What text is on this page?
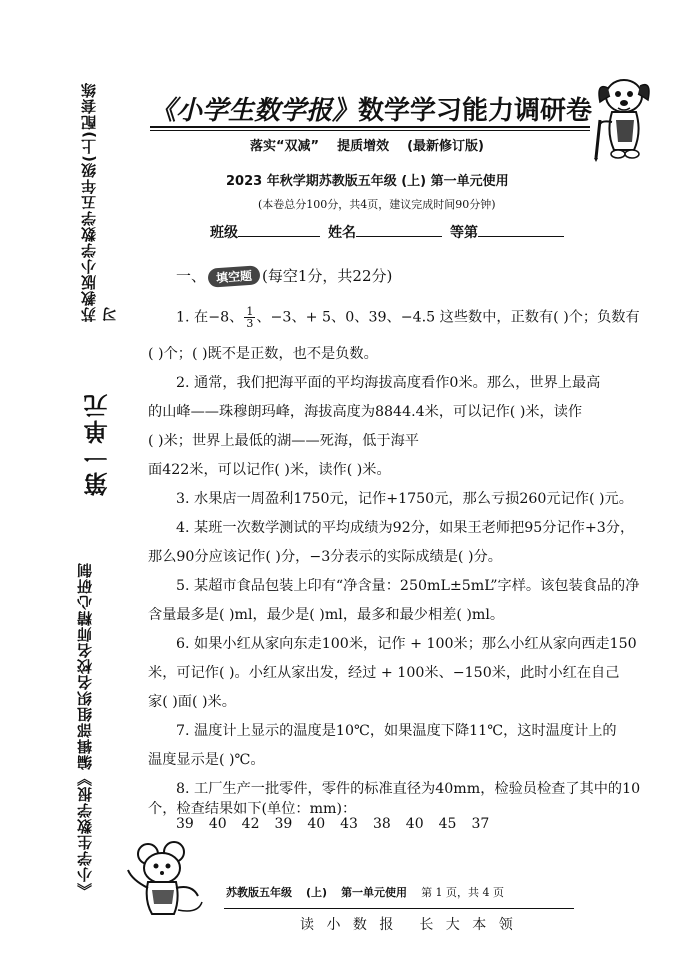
苏教版小学数学五年级(上)配套练习
第一单元
《小学生数学报》编辑部组织名校名师精心研制
《小学生数学报》数学学习能力调研卷
落实“双减” 提质增效 (最新修订版)
2023 年秋学期苏教版五年级 (上) 第一单元使用
(本卷总分100分，共4页，建议完成时间90分钟)
班级	姓名	等第
一、 填空题 (每空1分，共22分)
1. 在−8、 $\frac{1}{3}$ 、−3、+ 5、0、39、−4.5 这些数中，正数有( )个；负数有
( )个；( )既不是正数，也不是负数。
2. 通常，我们把海平面的平均海拔高度看作0米。那么，世界上最高
的山峰——珠穆朗玛峰，海拔高度为8844.4米，可以记作( )米，读作
( )米；世界上最低的湖——死海，低于海平
面422米，可以记作( )米，读作( )米。
3. 水果店一周盈利1750元，记作+1750元，那么亏损260元记作( )元。
4. 某班一次数学测试的平均成绩为92分，如果王老师把95分记作+3分，
那么90分应该记作( )分，−3分表示的实际成绩是( )分。
5. 某超市食品包装上印有“净含量：250mL±5mL”字样。该包装食品的净
含量最多是( )ml，最少是( )ml，最多和最少相差( )ml。
6. 如果小红从家向东走100米，记作 + 100米；那么小红从家向西走150
米，可记作( )。小红从家出发，经过 + 100米、−150米，此时小红在自己
家( )面( )米。
7. 温度计上显示的温度是10℃，如果温度下降11℃，这时温度计上的
温度显示是( )℃。
8. 工厂生产一批零件，零件的标准直径为40mm，检验员检查了其中的10
个，检查结果如下(单位：mm)：
39 40 42 39 40 43 38 40 45 37
苏教版五年级 (上) 第一单元使用 第 1 页，共 4 页
读 小 数 报 长 大 本 领
